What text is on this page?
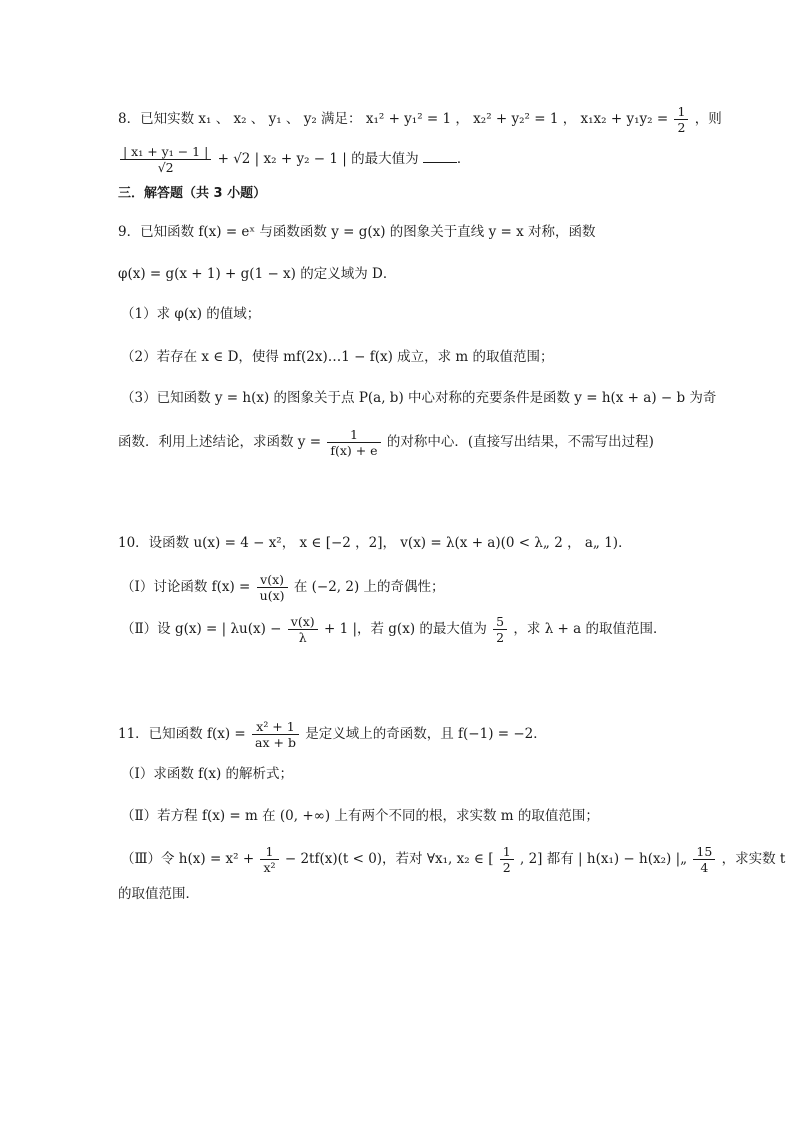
8．已知实数 x₁ 、 x₂ 、 y₁ 、 y₂ 满足： x₁² + y₁² = 1 ， x₂² + y₂² = 1 ， $x_1x_2 + y_1y_2 = \frac{1}{2}$ ，则
$\frac{\text{| x₁ + y₁ − 1 |}}{√2} + √2$ | x₂ + y₂ − 1 | 的最大值为	．
三．解答题（共 3 小题）
9．已知函数 f(x) = eˣ 与函数函数 y = g(x) 的图象关于直线 y = x 对称，函数
φ(x) = g(x + 1) + g(1 − x) 的定义域为 D．
（1）求 φ(x) 的值域；
（2）若存在 x ∈ D，使得 mf(2x)…1 − f(x) 成立，求 m 的取值范围；
（3）已知函数 y = h(x) 的图象关于点 P(a, b) 中心对称的充要条件是函数 y = h(x + a) − b 为奇
函数．利用上述结论，求函数 $y = \frac{1}{f(x) + e}$ 的对称中心．(直接写出结果，不需写出过程)
10．设函数 u(x) = 4 − x²， x ∈ [−2 ，2]， v(x) = λ(x + a)(0 < λ„ 2 ， a„ 1)．
（Ⅰ）讨论函数 $f(x) = \frac{v(x)}{u(x)}$ 在 (−2, 2) 上的奇偶性；
（Ⅱ）设 g(x) = | $\lambda u(x) - \frac{v(x)}{\lambda} + 1$ |，若 g(x) 的最大值为 $\frac{5}{2}$ ，求 λ + a 的取值范围．
11．已知函数 $f(x) = \frac{\text{x² + 1}}{ax + b}$ 是定义域上的奇函数，且 f(−1) = −2．
（Ⅰ）求函数 f(x) 的解析式；
（Ⅱ）若方程 f(x) = m 在 (0, +∞) 上有两个不同的根，求实数 m 的取值范围；
（Ⅲ）令 $h(x) = x^2 + \frac{1}{\text{x²}} - 2tf(x)(t < 0)$，若对 ∀x₁, x₂ ∈ [ $\frac{1}{2}$ , 2] 都有 | h(x₁) − h(x₂) |„ $\frac{15}{4}$ ，求实数 t
的取值范围．
